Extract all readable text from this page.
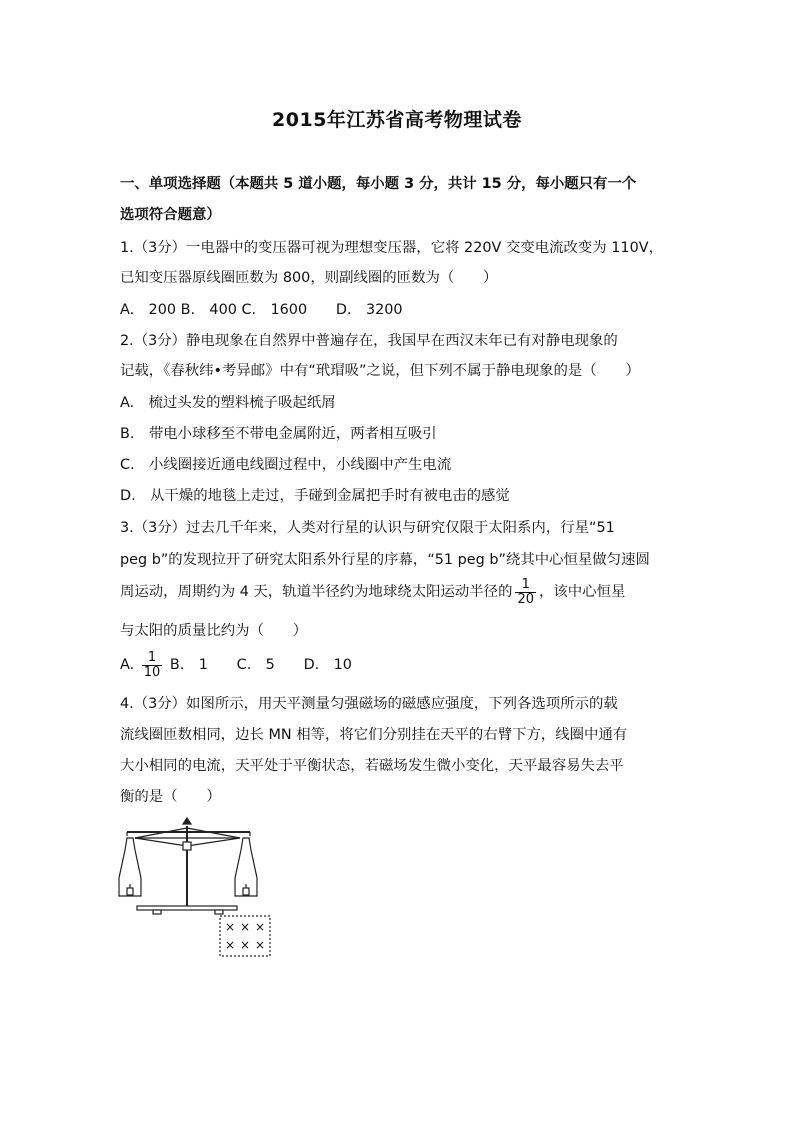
2015年江苏省高考物理试卷
一、单项选择题（本题共 5 道小题，每小题 3 分，共计 15 分，每小题只有一个
选项符合题意）
1.（3分）一电器中的变压器可视为理想变压器，它将 220V 交变电流改变为 110V，
已知变压器原线圈匝数为 800，则副线圈的匝数为（　　）
A.　200 B.　400 C.　1600　　D.　3200
2.（3分）静电现象在自然界中普遍存在，我国早在西汉末年已有对静电现象的
记载，《春秋纬•考异邮》中有“玳瑁吸”之说，但下列不属于静电现象的是（　　）
A.　梳过头发的塑料梳子吸起纸屑
B.　带电小球移至不带电金属附近，两者相互吸引
C.　小线圈接近通电线圈过程中，小线圈中产生电流
D.　从干燥的地毯上走过，手碰到金属把手时有被电击的感觉
3.（3分）过去几千年来，人类对行星的认识与研究仅限于太阳系内，行星“51
peg b”的发现拉开了研究太阳系外行星的序幕，“51 peg b”绕其中心恒星做匀速圆
周运动，周期约为 4 天，轨道半径约为地球绕太阳运动半径的 $\frac{1}{20}$ ，该中心恒星
与太阳的质量比约为（　　）
A. $\frac{1}{10} B$.　1　　C.　5　　D.　10
4.（3分）如图所示，用天平测量匀强磁场的磁感应强度，下列各选项所示的载
流线圈匝数相同，边长 MN 相等，将它们分别挂在天平的右臂下方，线圈中通有
大小相同的电流，天平处于平衡状态，若磁场发生微小变化，天平最容易失去平
衡的是（　　）
× × ×
× × ×
